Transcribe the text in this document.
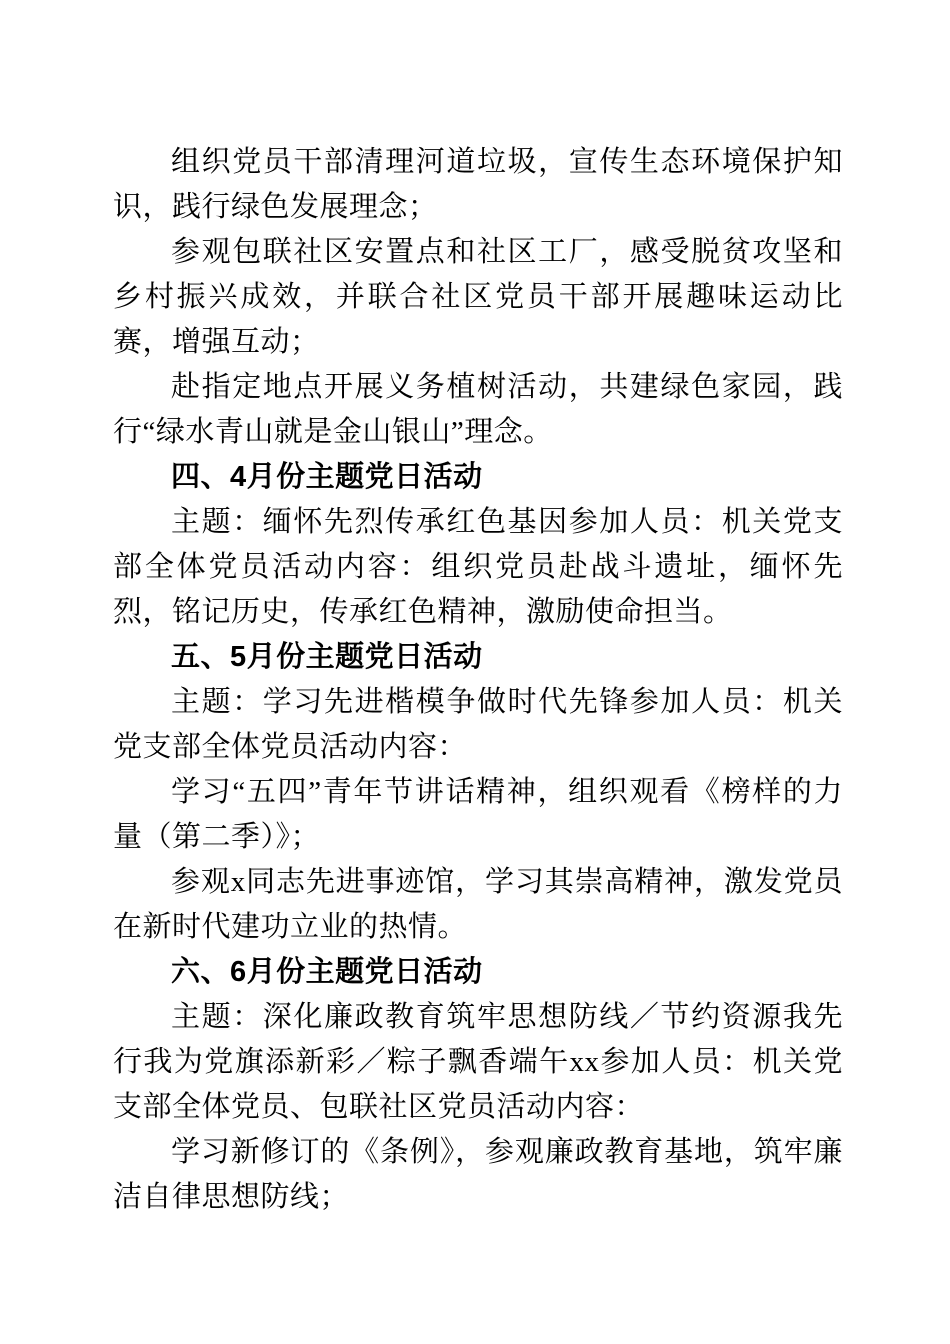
组织党员干部清理河道垃圾，宣传生态环境保护知识，践行绿色发展理念；

参观包联社区安置点和社区工厂，感受脱贫攻坚和乡村振兴成效，并联合社区党员干部开展趣味运动比赛，增强互动；

赴指定地点开展义务植树活动，共建绿色家园，践行“绿水青山就是金山银山”理念。

四、4月份主题党日活动

主题：缅怀先烈传承红色基因参加人员：机关党支部全体党员活动内容：组织党员赴战斗遗址，缅怀先烈，铭记历史，传承红色精神，激励使命担当。

五、5月份主题党日活动

主题：学习先进楷模争做时代先锋参加人员：机关党支部全体党员活动内容：

学习“五四”青年节讲话精神，组织观看《榜样的力量（第二季）》；

参观x同志先进事迹馆，学习其崇高精神，激发党员在新时代建功立业的热情。

六、6月份主题党日活动

主题：深化廉政教育筑牢思想防线／节约资源我先行我为党旗添新彩／粽子飘香端午xx参加人员：机关党支部全体党员、包联社区党员活动内容：

学习新修订的《条例》，参观廉政教育基地，筑牢廉洁自律思想防线；
